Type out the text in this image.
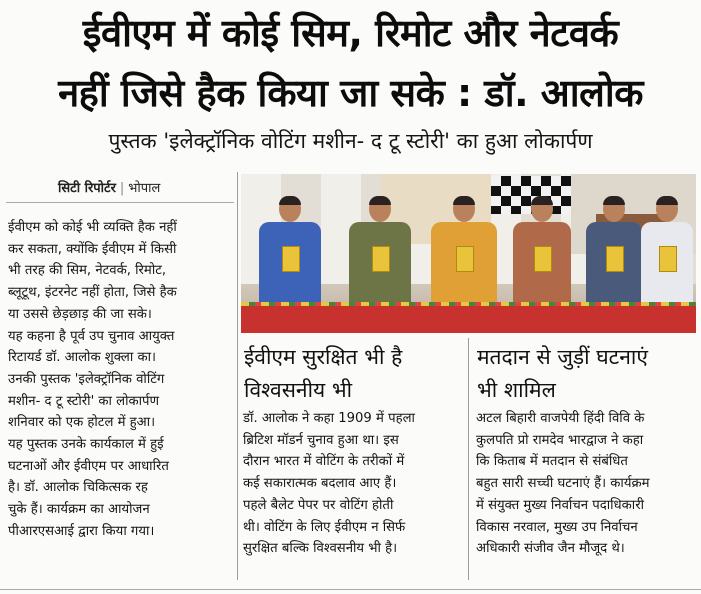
ईवीएम में कोई सिम, रिमोट और नेटवर्क
नहीं जिसे हैक किया जा सके : डॉ. आलोक
पुस्तक 'इलेक्ट्रॉनिक वोटिंग मशीन- द टू स्टोरी' का हुआ लोकार्पण
सिटी रिपोर्टर | भोपाल
ईवीएम को कोई भी व्यक्ति हैक नहीं
कर सकता, क्योंकि ईवीएम में किसी
भी तरह की सिम, नेटवर्क, रिमोट,
ब्लूटूथ, इंटरनेट नहीं होता, जिसे हैक
या उससे छेड़छाड़ की जा सके।
यह कहना है पूर्व उप चुनाव आयुक्त
रिटायर्ड डॉ. आलोक शुक्ला का।
उनकी पुस्तक 'इलेक्ट्रॉनिक वोटिंग
मशीन- द टू स्टोरी' का लोकार्पण
शनिवार को एक होटल में हुआ।
यह पुस्तक उनके कार्यकाल में हुई
घटनाओं और ईवीएम पर आधारित
है। डॉ. आलोक चिकित्सक रह
चुके हैं। कार्यक्रम का आयोजन
पीआरएसआई द्वारा किया गया।
ईवीएम सुरक्षित भी है
विश्वसनीय भी
डॉ. आलोक ने कहा 1909 में पहला
ब्रिटिश मॉडर्न चुनाव हुआ था। इस
दौरान भारत में वोटिंग के तरीकों में
कई सकारात्मक बदलाव आए हैं।
पहले बैलेट पेपर पर वोटिंग होती
थी। वोटिंग के लिए ईवीएम न सिर्फ
सुरक्षित बल्कि विश्वसनीय भी है।
मतदान से जुड़ीं घटनाएं
भी शामिल
अटल बिहारी वाजपेयी हिंदी विवि के
कुलपति प्रो रामदेव भारद्वाज ने कहा
कि किताब में मतदान से संबंधित
बहुत सारी सच्ची घटनाएं हैं। कार्यक्रम
में संयुक्त मुख्य निर्वाचन पदाधिकारी
विकास नरवाल, मुख्य उप निर्वाचन
अधिकारी संजीव जैन मौजूद थे।
